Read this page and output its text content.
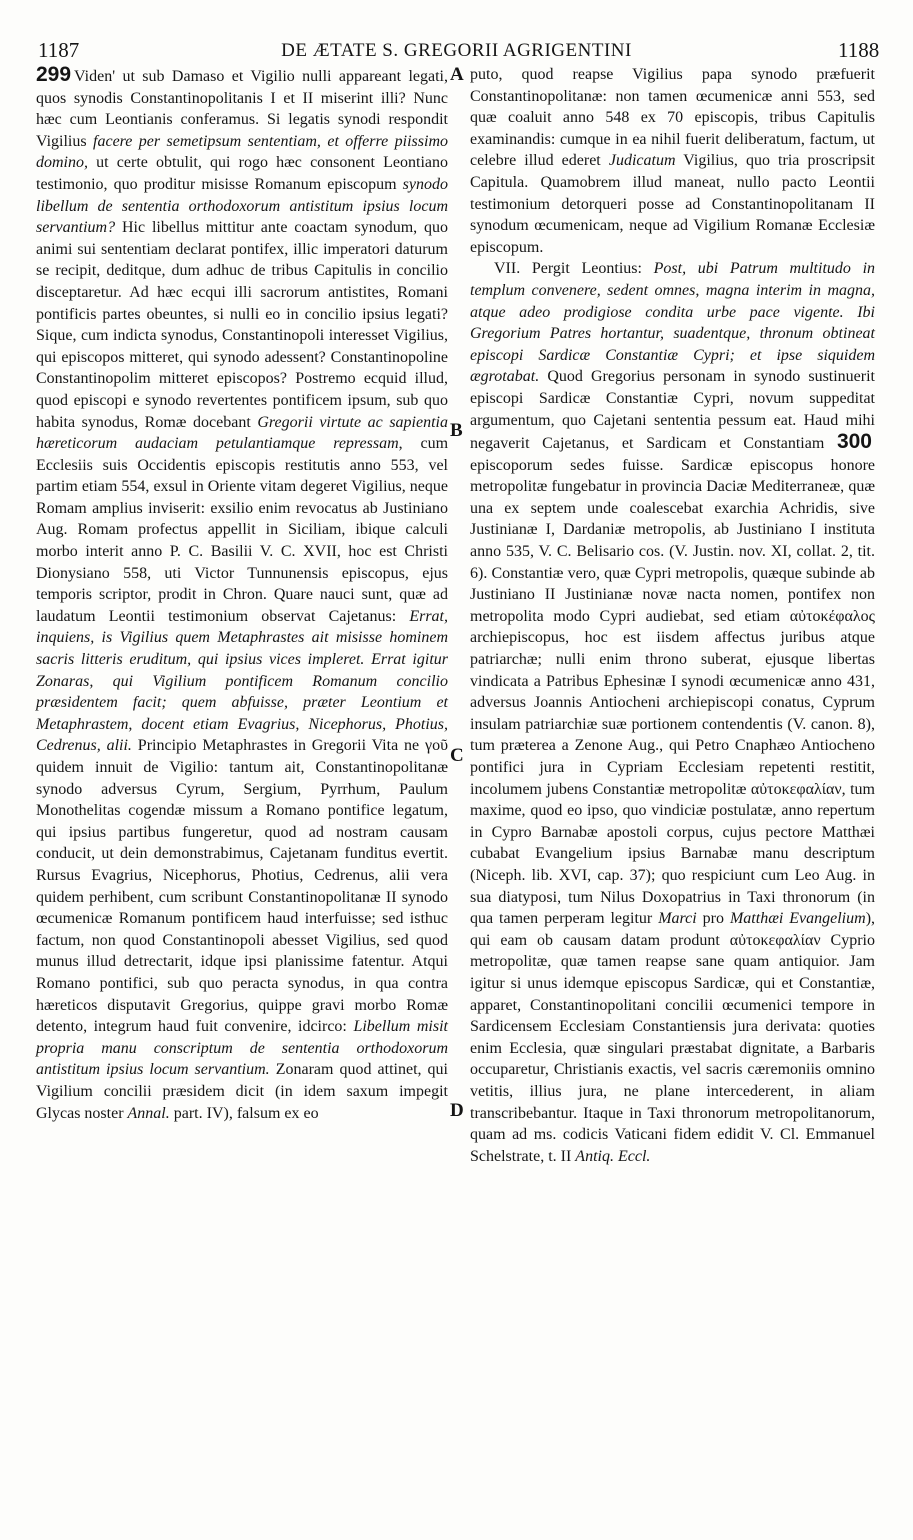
1187	DE ÆTATE S. GREGORII AGRIGENTINI	1188
A
B
C
D

299 Viden' ut sub Damaso et Vigilio nulli appareant legati, quos synodis Constantinopolitanis I et II miserint illi? Nunc hæc cum Leontianis conferamus. Si legatis synodi respondit Vigilius facere per semetipsum sententiam, et offerre piissimo domino, ut certe obtulit, qui rogo hæc consonent Leontiano testimonio, quo proditur misisse Romanum episcopum synodo libellum de sententia orthodoxorum antistitum ipsius locum servantium? Hic libellus mittitur ante coactam synodum, quo animi sui sententiam declarat pontifex, illic imperatori daturum se recipit, deditque, dum adhuc de tribus Capitulis in concilio disceptaretur. Ad hæc ecqui illi sacrorum antistites, Romani pontificis partes obeuntes, si nulli eo in concilio ipsius legati? Sique, cum indicta synodus, Constantinopoli interesset Vigilius, qui episcopos mitteret, qui synodo adessent? Constantinopoline Constantinopolim mitteret episcopos? Postremo ecquid illud, quod episcopi e synodo revertentes pontificem ipsum, sub quo habita synodus, Romæ docebant Gregorii virtute ac sapientia hæreticorum audaciam petulantiamque repressam, cum Ecclesiis suis Occidentis episcopis restitutis anno 553, vel partim etiam 554, exsul in Oriente vitam degeret Vigilius, neque Romam amplius inviserit: exsilio enim revocatus ab Justiniano Aug. Romam profectus appellit in Siciliam, ibique calculi morbo interit anno P. C. Basilii V. C. XVII, hoc est Christi Dionysiano 558, uti Victor Tunnunensis episcopus, ejus temporis scriptor, prodit in Chron. Quare nauci sunt, quæ ad laudatum Leontii testimonium observat Cajetanus: Errat, inquiens, is Vigilius quem Metaphrastes ait misisse hominem sacris litteris eruditum, qui ipsius vices impleret. Errat igitur Zonaras, qui Vigilium pontificem Romanum concilio præsidentem facit; quem abfuisse, præter Leontium et Metaphrastem, docent etiam Evagrius, Nicephorus, Photius, Cedrenus, alii. Principio Metaphrastes in Gregorii Vita ne γοῦ quidem innuit de Vigilio: tantum ait, Constantinopolitanæ synodo adversus Cyrum, Sergium, Pyrrhum, Paulum Monothelitas cogendæ missum a Romano pontifice legatum, qui ipsius partibus fungeretur, quod ad nostram causam conducit, ut dein demonstrabimus, Cajetanam funditus evertit. Rursus Evagrius, Nicephorus, Photius, Cedrenus, alii vera quidem perhibent, cum scribunt Constantinopolitanæ II synodo œcumenicæ Romanum pontificem haud interfuisse; sed isthuc factum, non quod Constantinopoli abesset Vigilius, sed quod munus illud detrectarit, idque ipsi planissime fatentur. Atqui Romano pontifici, sub quo peracta synodus, in qua contra hæreticos disputavit Gregorius, quippe gravi morbo Romæ detento, integrum haud fuit convenire, idcirco: Libellum misit propria manu conscriptum de sententia orthodoxorum antistitum ipsius locum servantium. Zonaram quod attinet, qui Vigilium concilii præsidem dicit (in idem saxum impegit Glycas noster Annal. part. IV), falsum ex eo

puto, quod reapse Vigilius papa synodo præfuerit Constantinopolitanæ: non tamen œcumenicæ anni 553, sed quæ coaluit anno 548 ex 70 episcopis, tribus Capitulis examinandis: cumque in ea nihil fuerit deliberatum, factum, ut celebre illud ederet Judicatum Vigilius, quo tria proscripsit Capitula. Quamobrem illud maneat, nullo pacto Leontii testimonium detorqueri posse ad Constantinopolitanam II synodum œcumenicam, neque ad Vigilium Romanæ Ecclesiæ episcopum.

VII. Pergit Leontius: Post, ubi Patrum multitudo in templum convenere, sedent omnes, magna interim in magna, atque adeo prodigiose condita urbe pace vigente. Ibi Gregorium Patres hortantur, suadentque, thronum obtineat episcopi Sardicæ Constantiæ Cypri; et ipse siquidem ægrotabat. Quod Gregorius personam in synodo sustinuerit episcopi Sardicæ Constantiæ Cypri, novum suppeditat argumentum, quo Cajetani sententia pessum eat. Haud mihi negaverit Cajetanus, et Sardicam et Constantiam 300 episcoporum sedes fuisse. Sardicæ episcopus honore metropolitæ fungebatur in provincia Daciæ Mediterraneæ, quæ una ex septem unde coalescebat exarchia Achridis, sive Justinianæ I, Dardaniæ metropolis, ab Justiniano I instituta anno 535, V. C. Belisario cos. (V. Justin. nov. XI, collat. 2, tit. 6). Constantiæ vero, quæ Cypri metropolis, quæque subinde ab Justiniano II Justinianæ novæ nacta nomen, pontifex non metropolita modo Cypri audiebat, sed etiam αὐτοκέφαλος archiepiscopus, hoc est iisdem affectus juribus atque patriarchæ; nulli enim throno suberat, ejusque libertas vindicata a Patribus Ephesinæ I synodi œcumenicæ anno 431, adversus Joannis Antiocheni archiepiscopi conatus, Cyprum insulam patriarchiæ suæ portionem contendentis (V. canon. 8), tum præterea a Zenone Aug., qui Petro Cnaphæo Antiocheno pontifici jura in Cypriam Ecclesiam repetenti restitit, incolumem jubens Constantiæ metropolitæ αὐτοκεφαλίαν, tum maxime, quod eo ipso, quo vindiciæ postulatæ, anno repertum in Cypro Barnabæ apostoli corpus, cujus pectore Matthæi cubabat Evangelium ipsius Barnabæ manu descriptum (Niceph. lib. XVI, cap. 37); quo respiciunt cum Leo Aug. in sua diatyposi, tum Nilus Doxopatrius in Taxi thronorum (in qua tamen perperam legitur Marci pro Matthæi Evangelium), qui eam ob causam datam produnt αὐτοκεφαλίαν Cyprio metropolitæ, quæ tamen reapse sane quam antiquior. Jam igitur si unus idemque episcopus Sardicæ, qui et Constantiæ, apparet, Constantinopolitani concilii œcumenici tempore in Sardicensem Ecclesiam Constantiensis jura derivata: quoties enim Ecclesia, quæ singulari præstabat dignitate, a Barbaris occuparetur, Christianis exactis, vel sacris cæremoniis omnino vetitis, illius jura, ne plane intercederent, in aliam transcribebantur. Itaque in Taxi thronorum metropolitanorum, quam ad ms. codicis Vaticani fidem edidit V. Cl. Emmanuel Schelstrate, t. II Antiq. Eccl.
